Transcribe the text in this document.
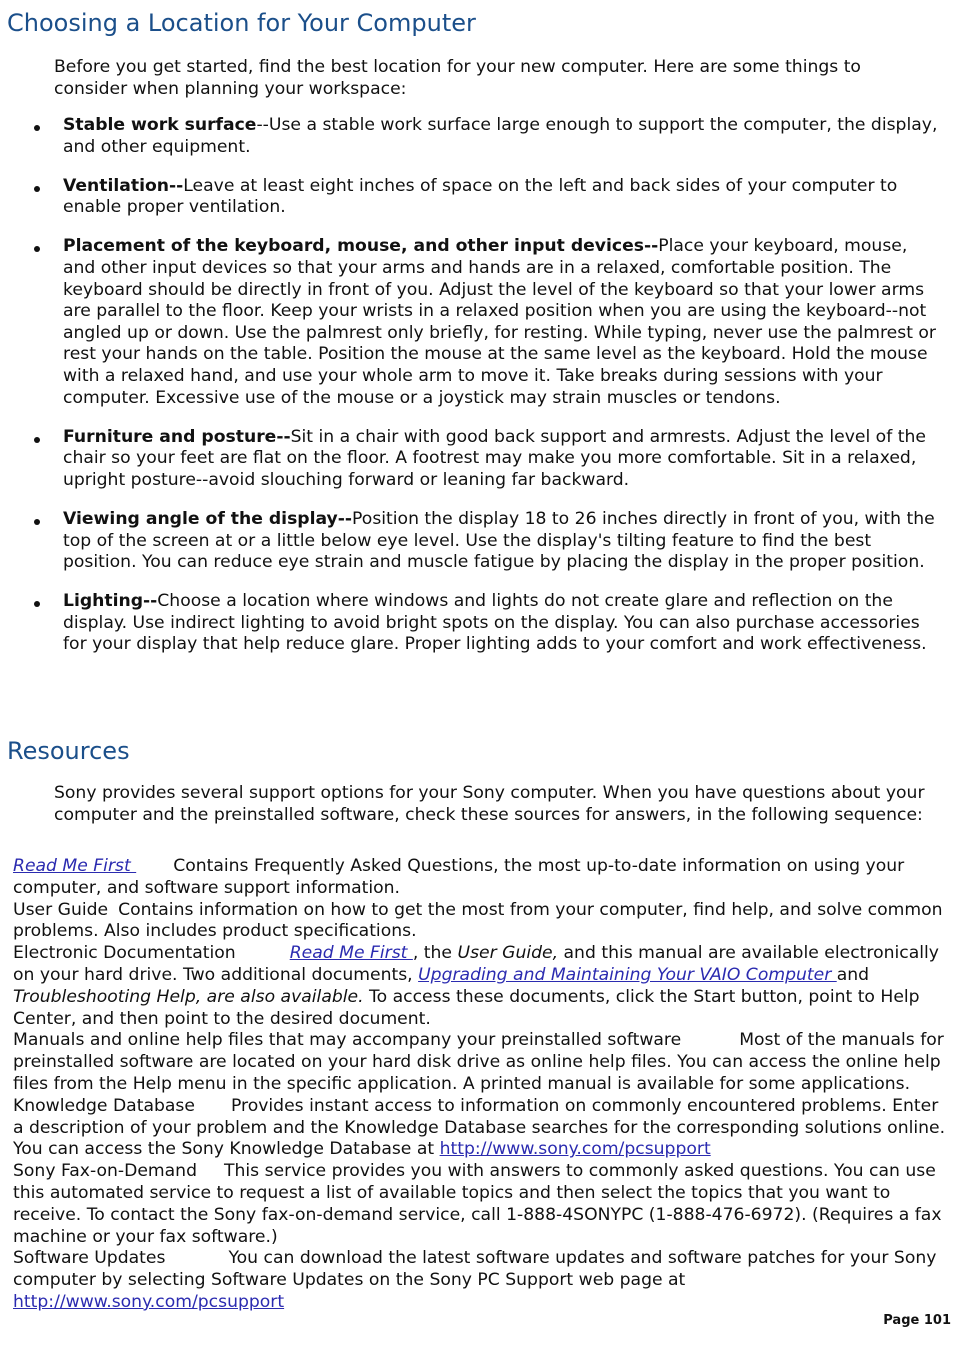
Choosing a Location for Your Computer

Before you get started, find the best location for your new computer. Here are some things to consider when planning your workspace:

Stable work surface--Use a stable work surface large enough to support the computer, the display, and other equipment.
Ventilation--Leave at least eight inches of space on the left and back sides of your computer to enable proper ventilation.
Placement of the keyboard, mouse, and other input devices--Place your keyboard, mouse, and other input devices so that your arms and hands are in a relaxed, comfortable position. The keyboard should be directly in front of you. Adjust the level of the keyboard so that your lower arms are parallel to the floor. Keep your wrists in a relaxed position when you are using the keyboard--not angled up or down. Use the palmrest only briefly, for resting. While typing, never use the palmrest or rest your hands on the table. Position the mouse at the same level as the keyboard. Hold the mouse with a relaxed hand, and use your whole arm to move it. Take breaks during sessions with your computer. Excessive use of the mouse or a joystick may strain muscles or tendons.
Furniture and posture--Sit in a chair with good back support and armrests. Adjust the level of the chair so your feet are flat on the floor. A footrest may make you more comfortable. Sit in a relaxed, upright posture--avoid slouching forward or leaning far backward.
Viewing angle of the display--Position the display 18 to 26 inches directly in front of you, with the top of the screen at or a little below eye level. Use the display's tilting feature to find the best position. You can reduce eye strain and muscle fatigue by placing the display in the proper position.
Lighting--Choose a location where windows and lights do not create glare and reflection on the display. Use indirect lighting to avoid bright spots on the display. You can also purchase accessories for your display that help reduce glare. Proper lighting adds to your comfort and work effectiveness.
Resources

Sony provides several support options for your Sony computer. When you have questions about your computer and the preinstalled software, check these sources for answers, in the following sequence:

Read Me First Contains Frequently Asked Questions, the most up-to-date information on using your computer, and software support information.
User Guide Contains information on how to get the most from your computer, find help, and solve common problems. Also includes product specifications.
Electronic Documentation	Read Me First , the User Guide, and this manual are available electronically on your hard drive. Two additional documents, Upgrading and Maintaining Your VAIO Computer and Troubleshooting Help, are also available. To access these documents, click the Start button, point to Help Center, and then point to the desired document.
Manuals and online help files that may accompany your preinstalled software	Most of the manuals for preinstalled software are located on your hard disk drive as online help files. You can access the online help files from the Help menu in the specific application. A printed manual is available for some applications.
Knowledge Database Provides instant access to information on commonly encountered problems. Enter a description of your problem and the Knowledge Database searches for the corresponding solutions online. You can access the Sony Knowledge Database at http://www.sony.com/pcsupport
Sony Fax-on-Demand This service provides you with answers to commonly asked questions. You can use this automated service to request a list of available topics and then select the topics that you want to receive. To contact the Sony fax-on-demand service, call 1-888-4SONYPC (1-888-476-6972). (Requires a fax machine or your fax software.)
Software Updates	You can download the latest software updates and software patches for your Sony computer by selecting Software Updates on the Sony PC Support web page at http://www.sony.com/pcsupport
Page 101
